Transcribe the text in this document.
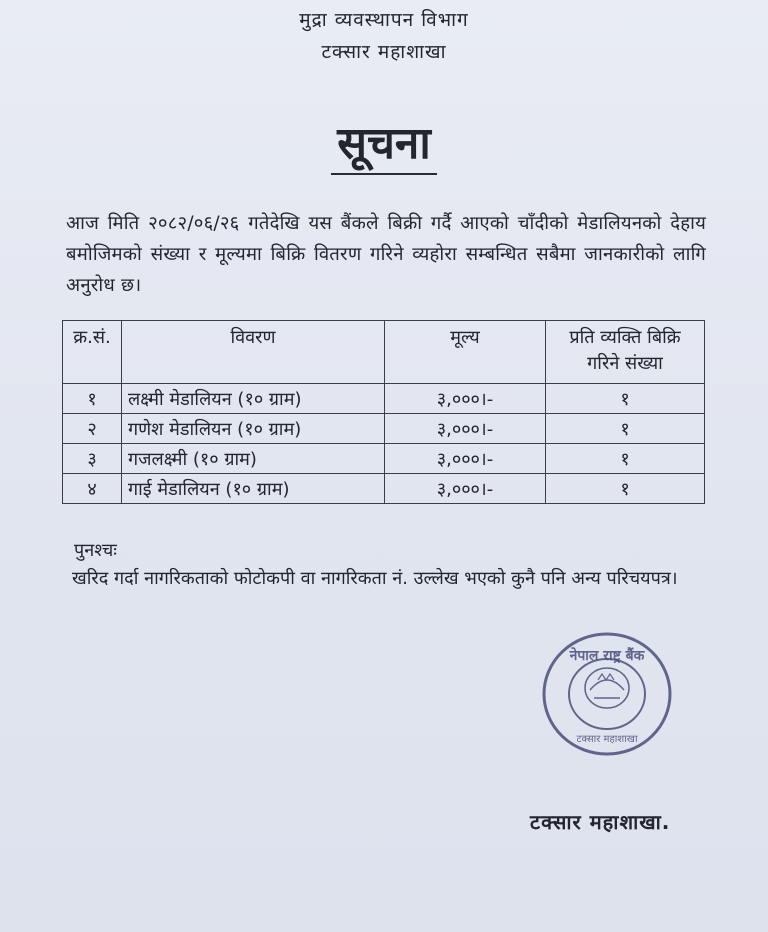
मुद्रा व्यवस्थापन विभाग
टक्सार महाशाखा
सूचना
आज मिति २०८२/०६/२६ गतेदेखि यस बैंकले बिक्री गर्दै आएको चाँदीको मेडालियनको देहाय बमोजिमको संख्या र मूल्यमा बिक्रि वितरण गरिने व्यहोरा सम्बन्धित सबैमा जानकारीको लागि अनुरोध छ।
क्र.सं.	विवरण	मूल्य	प्रति व्यक्ति बिक्रि गरिने संख्या
१	लक्ष्मी मेडालियन (१० ग्राम)	३,०००।-	१
२	गणेश मेडालियन (१० ग्राम)	३,०००।-	१
३	गजलक्ष्मी (१० ग्राम)	३,०००।-	१
४	गाई मेडालियन (१० ग्राम)	३,०००।-	१
पुनश्चः
खरिद गर्दा नागरिकताको फोटोकपी वा नागरिकता नं. उल्लेख भएको कुनै पनि अन्य परिचयपत्र।
नेपाल राष्ट्र बैंक
टक्सार महाशाखा
टक्सार महाशाखा.
